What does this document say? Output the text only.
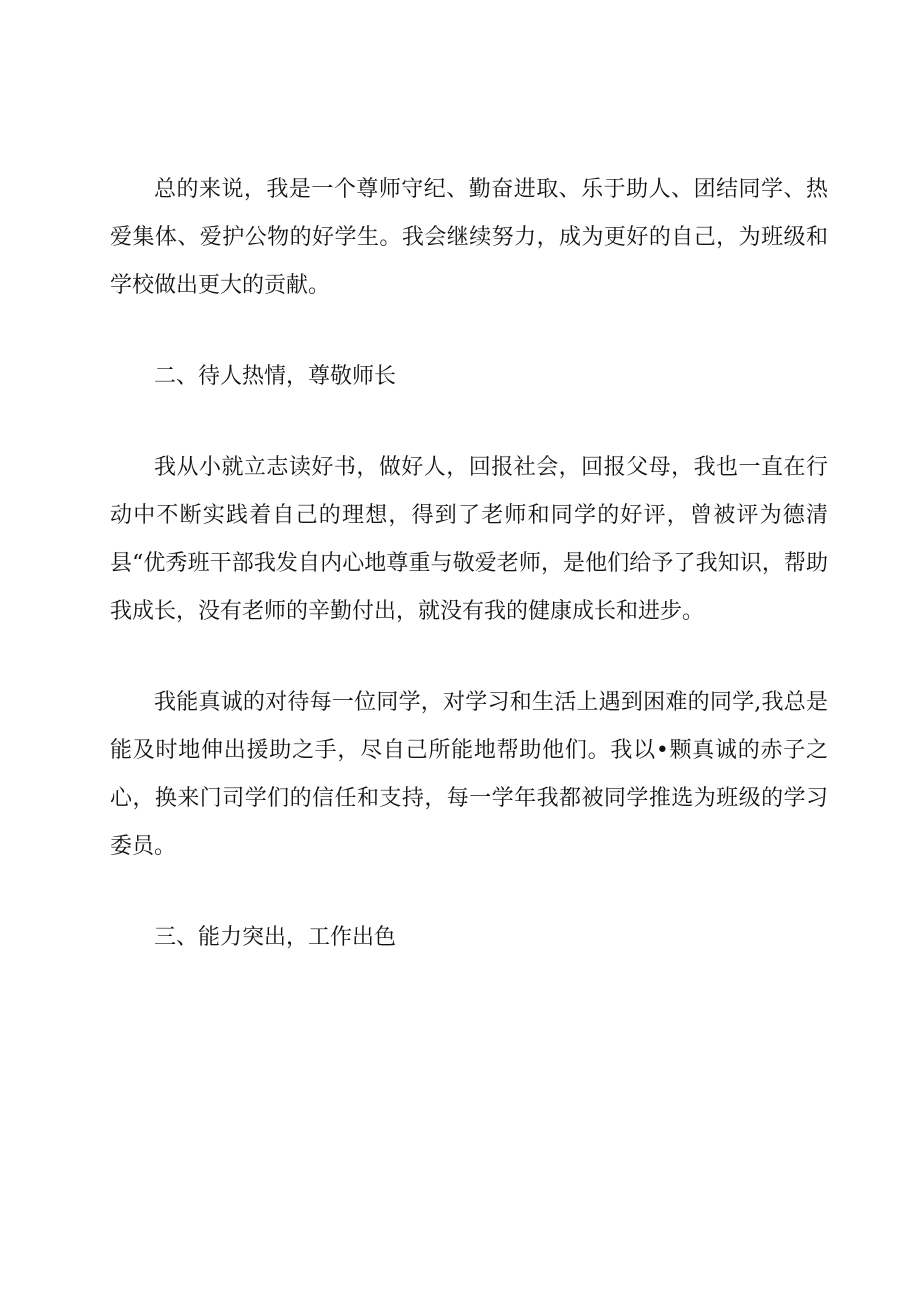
总的来说，我是一个尊师守纪、勤奋进取、乐于助人、团结同学、热爱集体、爱护公物的好学生。我会继续努力，成为更好的自己，为班级和学校做出更大的贡献。

二、待人热情，尊敬师长

我从小就立志读好书，做好人，回报社会，回报父母，我也一直在行动中不断实践着自己的理想，得到了老师和同学的好评，曾被评为德清县“优秀班干部我发自内心地尊重与敬爱老师，是他们给予了我知识，帮助我成长，没有老师的辛勤付出，就没有我的健康成长和进步。

我能真诚的对待每一位同学，对学习和生活上遇到困难的同学,我总是能及时地伸出援助之手，尽自己所能地帮助他们。我以•颗真诚的赤子之心，换来门司学们的信任和支持，每一学年我都被同学推选为班级的学习委员。

三、能力突出，工作出色
